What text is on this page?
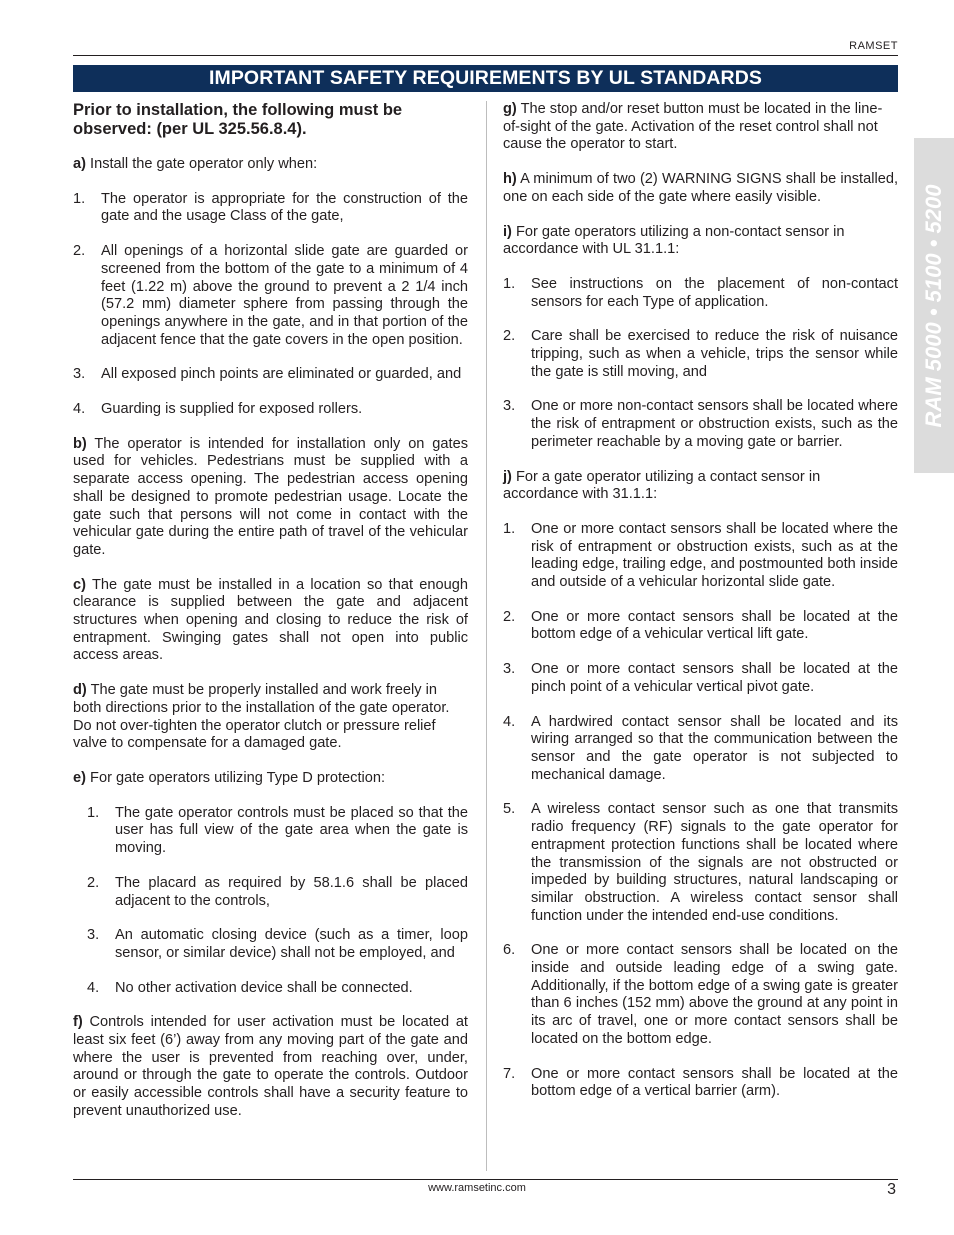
RAMSET
IMPORTANT SAFETY REQUIREMENTS BY UL STANDARDS
RAM 5000 • 5100 • 5200
Prior to installation, the following must be observed: (per UL 325.56.8.4).

a) Install the gate operator only when:

1. The operator is appropriate for the construction of the gate and the usage Class of the gate,
2. All openings of a horizontal slide gate are guarded or screened from the bottom of the gate to a minimum of 4 feet (1.22 m) above the ground to prevent a 2 1/4 inch (57.2 mm) diameter sphere from passing through the openings anywhere in the gate, and in that portion of the adjacent fence that the gate covers in the open position.
3. All exposed pinch points are eliminated or guarded, and
4. Guarding is supplied for exposed rollers.

b) The operator is intended for installation only on gates used for vehicles. Pedestrians must be supplied with a separate access opening. The pedestrian access opening shall be designed to promote pedestrian usage. Locate the gate such that persons will not come in contact with the vehicular gate during the entire path of travel of the vehicular gate.

c) The gate must be installed in a location so that enough clearance is supplied between the gate and adjacent structures when opening and closing to reduce the risk of entrapment. Swinging gates shall not open into public access areas.

d) The gate must be properly installed and work freely in both directions prior to the installation of the gate operator. Do not over-tighten the operator clutch or pressure relief valve to compensate for a damaged gate.

e) For gate operators utilizing Type D protection:

1. The gate operator controls must be placed so that the user has full view of the gate area when the gate is moving.
2. The placard as required by 58.1.6 shall be placed adjacent to the controls,
3. An automatic closing device (such as a timer, loop sensor, or similar device) shall not be employed, and
4. No other activation device shall be connected.

f) Controls intended for user activation must be located at least six feet (6’) away from any moving part of the gate and where the user is prevented from reaching over, under, around or through the gate to operate the controls. Outdoor or easily accessible controls shall have a security feature to prevent unauthorized use.

g) The stop and/or reset button must be located in the line-of-sight of the gate. Activation of the reset control shall not cause the operator to start.

h) A minimum of two (2) WARNING SIGNS shall be installed, one on each side of the gate where easily visible.

i) For gate operators utilizing a non-contact sensor in accordance with UL 31.1.1:

1. See instructions on the placement of non-contact sensors for each Type of application.
2. Care shall be exercised to reduce the risk of nuisance tripping, such as when a vehicle, trips the sensor while the gate is still moving, and
3. One or more non-contact sensors shall be located where the risk of entrapment or obstruction exists, such as the perimeter reachable by a moving gate or barrier.

j) For a gate operator utilizing a contact sensor in accordance with 31.1.1:

1. One or more contact sensors shall be located where the risk of entrapment or obstruction exists, such as at the leading edge, trailing edge, and postmounted both inside and outside of a vehicular horizontal slide gate.
2. One or more contact sensors shall be located at the bottom edge of a vehicular vertical lift gate.
3. One or more contact sensors shall be located at the pinch point of a vehicular vertical pivot gate.
4. A hardwired contact sensor shall be located and its wiring arranged so that the communication between the sensor and the gate operator is not subjected to mechanical damage.
5. A wireless contact sensor such as one that transmits radio frequency (RF) signals to the gate operator for entrapment protection functions shall be located where the transmission of the signals are not obstructed or impeded by building structures, natural landscaping or similar obstruction. A wireless contact sensor shall function under the intended end-use conditions.
6. One or more contact sensors shall be located on the inside and outside leading edge of a swing gate. Additionally, if the bottom edge of a swing gate is greater than 6 inches (152 mm) above the ground at any point in its arc of travel, one or more contact sensors shall be located on the bottom edge.
7. One or more contact sensors shall be located at the bottom edge of a vertical barrier (arm).
www.ramsetinc.com	3
